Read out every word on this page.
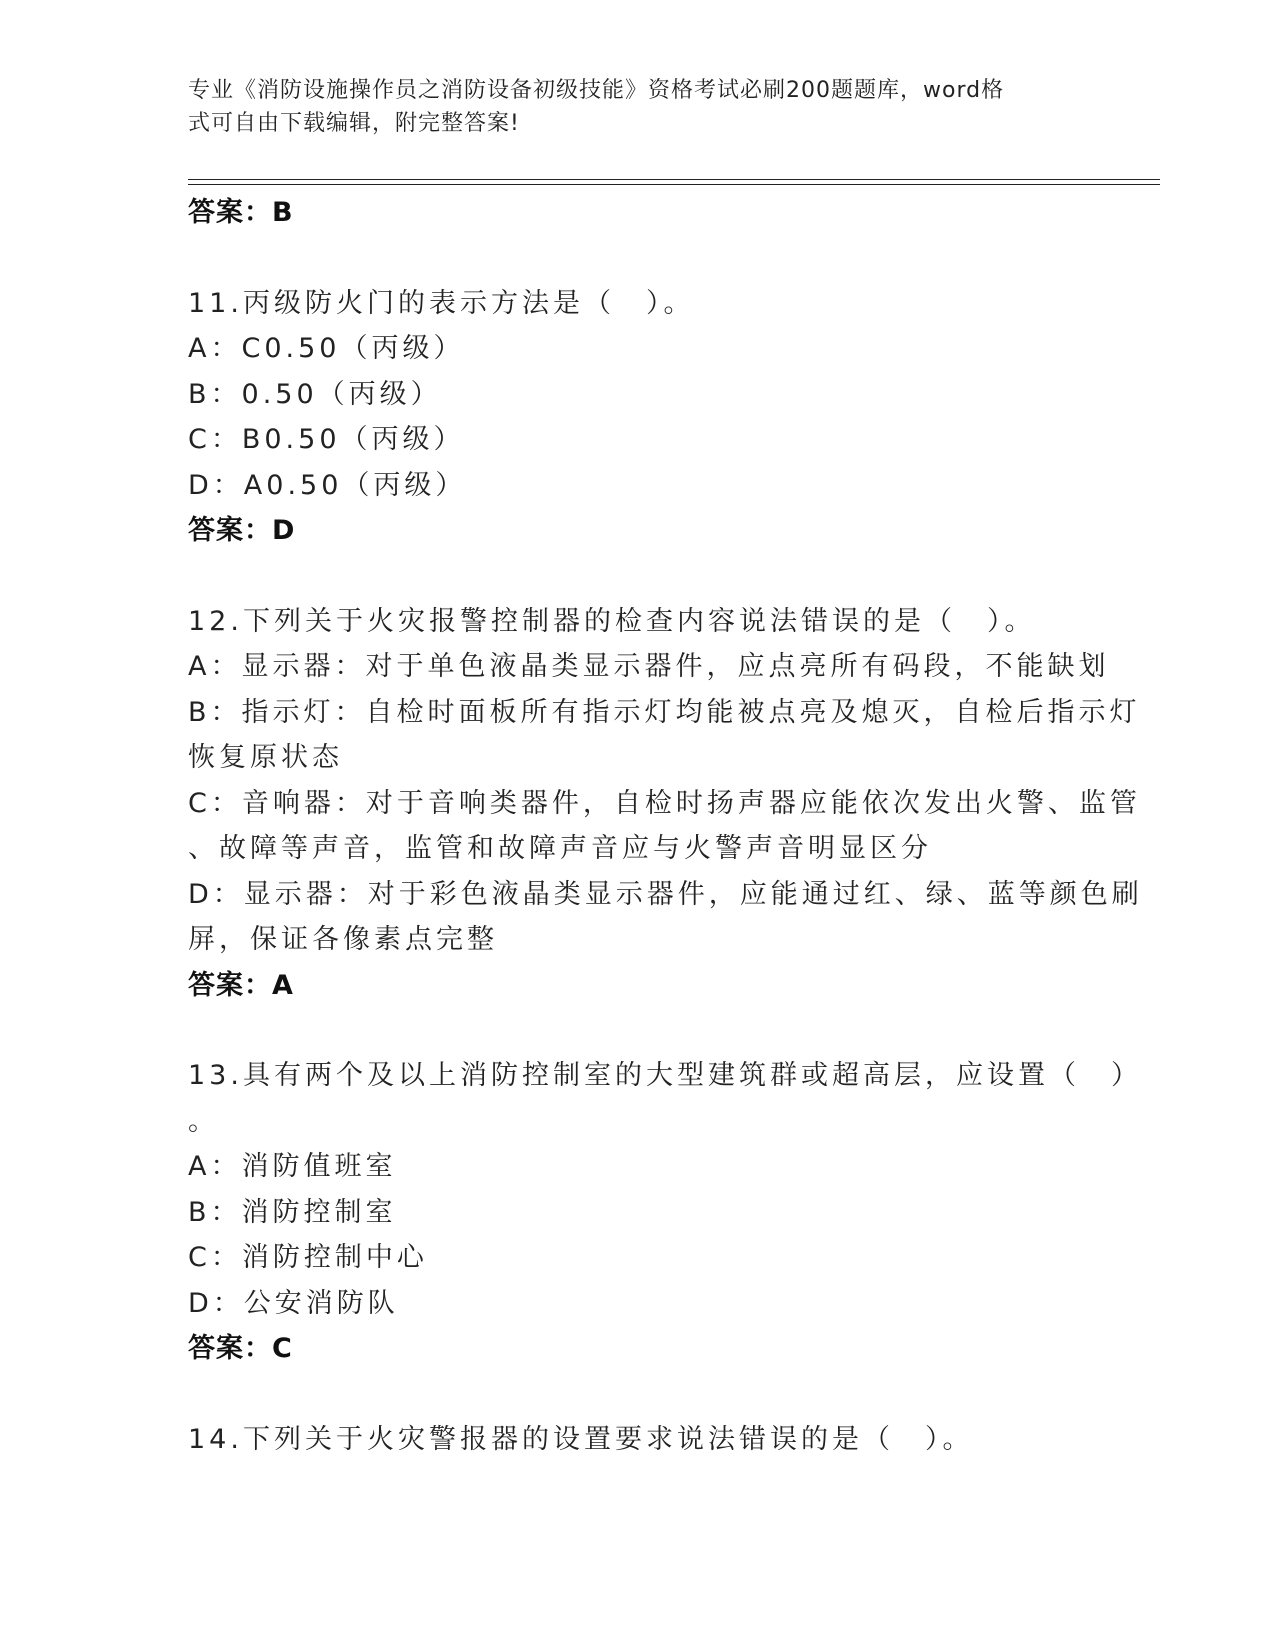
专业《消防设施操作员之消防设备初级技能》资格考试必刷200题题库，word格
式可自由下载编辑，附完整答案!
答案：B
11.丙级防火门的表示方法是（　）。
A：C0.50（丙级）
B：0.50（丙级）
C：B0.50（丙级）
D：A0.50（丙级）
答案：D
12.下列关于火灾报警控制器的检查内容说法错误的是（　）。
A：显示器：对于单色液晶类显示器件，应点亮所有码段，不能缺划
B：指示灯：自检时面板所有指示灯均能被点亮及熄灭，自检后指示灯
恢复原状态
C：音响器：对于音响类器件，自检时扬声器应能依次发出火警、监管
、故障等声音，监管和故障声音应与火警声音明显区分
D：显示器：对于彩色液晶类显示器件，应能通过红、绿、蓝等颜色刷
屏，保证各像素点完整
答案：A
13.具有两个及以上消防控制室的大型建筑群或超高层，应设置（　）
。
A：消防值班室
B：消防控制室
C：消防控制中心
D：公安消防队
答案：C
14.下列关于火灾警报器的设置要求说法错误的是（　）。
